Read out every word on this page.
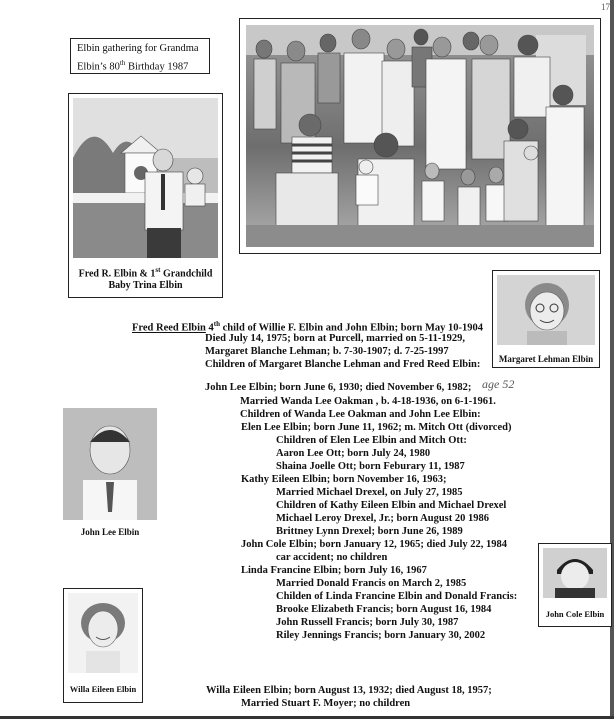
17
Elbin gathering for Grandma
Elbin’s 80th Birthday 1987
Fred R. Elbin & 1st Grandchild
Baby Trina Elbin
Margaret Lehman Elbin
John Lee Elbin
John Cole Elbin
Willa Eileen Elbin
age 52
Fred Reed Elbin 4th child of Willie F. Elbin and John Elbin; born May 10-1904
Died July 14, 1975; born at Purcell, married on 5-11-1929,
Margaret Blanche Lehman; b. 7-30-1907; d. 7-25-1997
Children of Margaret Blanche Lehman and Fred Reed Elbin:
John Lee Elbin; born June 6, 1930; died November 6, 1982;
Married Wanda Lee Oakman , b. 4-18-1936, on 6-1-1961.
Children of Wanda Lee Oakman and John Lee Elbin:
Elen Lee Elbin; born June 11, 1962; m. Mitch Ott (divorced)
Children of Elen Lee Elbin and Mitch Ott:
Aaron Lee Ott; born July 24, 1980
Shaina Joelle Ott; born Feburary 11, 1987
Kathy Eileen Elbin; born November 16, 1963;
Married Michael Drexel, on July 27, 1985
Children of Kathy Eileen Elbin and Michael Drexel
Michael Leroy Drexel, Jr.; born August 20 1986
Brittney Lynn Drexel; born June 26, 1989
John Cole Elbin; born January 12, 1965; died July 22, 1984
car accident; no children
Linda Francine Elbin; born July 16, 1967
Married Donald Francis on March 2, 1985
Childen of Linda Francine Elbin and Donald Francis:
Brooke Elizabeth Francis; born August 16, 1984
John Russell Francis; born July 30, 1987
Riley Jennings Francis; born January 30, 2002
Willa Eileen Elbin; born August 13, 1932; died August 18, 1957;
Married Stuart F. Moyer; no children
